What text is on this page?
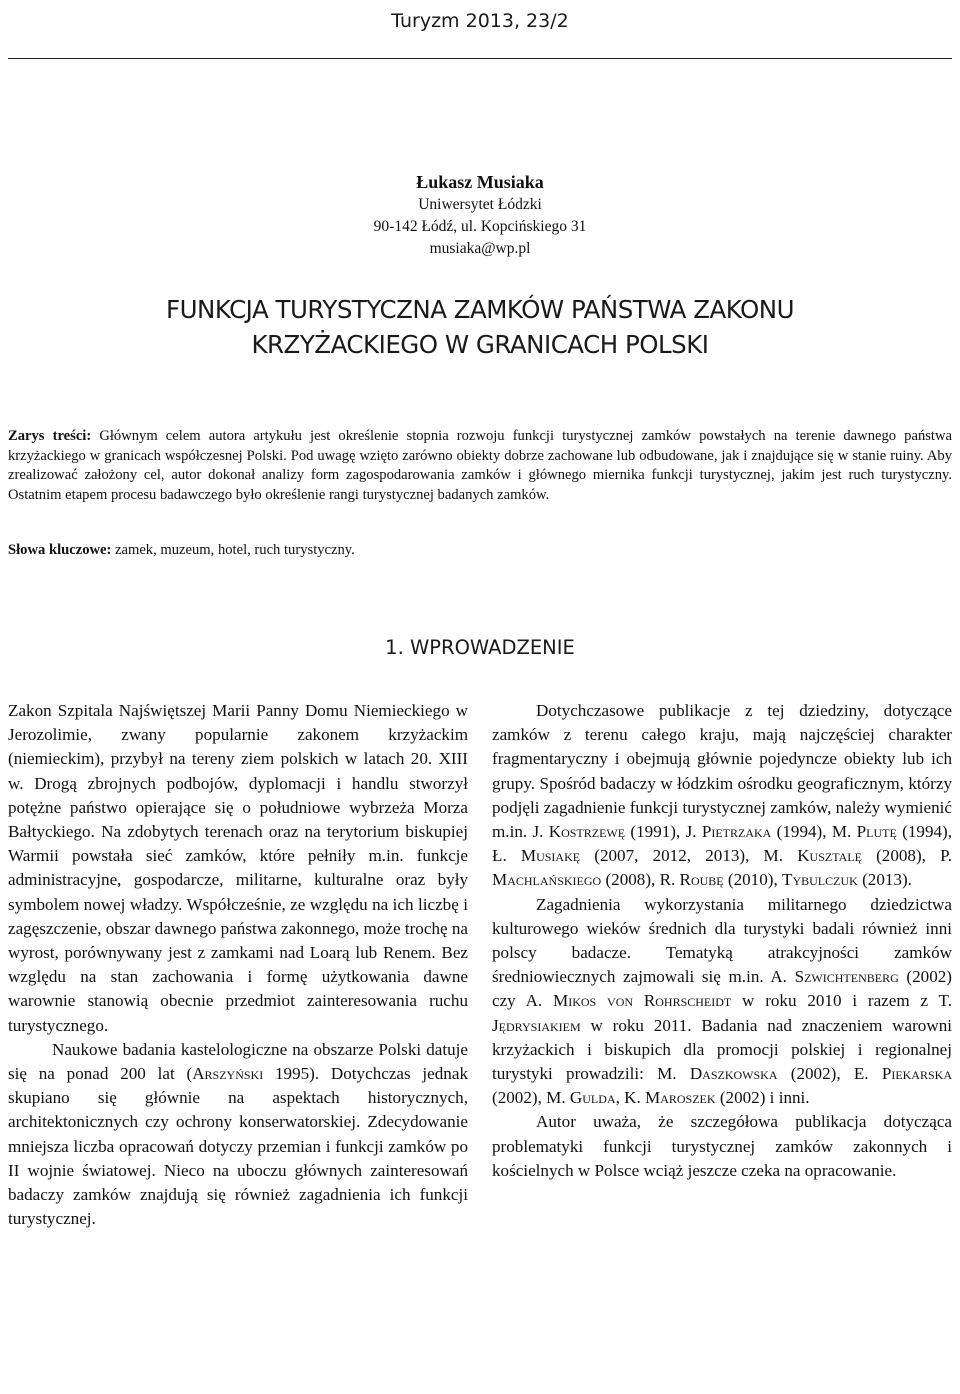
Turyzm 2013, 23/2
Łukasz Musiaka
Uniwersytet Łódzki
90-142 Łódź, ul. Kopcińskiego 31
musiaka@wp.pl
FUNKCJA TURYSTYCZNA ZAMKÓW PAŃSTWA ZAKONU
KRZYŻACKIEGO W GRANICACH POLSKI
Zarys treści: Głównym celem autora artykułu jest określenie stopnia rozwoju funkcji turystycznej zamków powstałych na terenie dawnego państwa krzyżackiego w granicach współczesnej Polski. Pod uwagę wzięto zarówno obiekty dobrze zachowane lub odbudowane, jak i znajdujące się w stanie ruiny. Aby zrealizować założony cel, autor dokonał analizy form zagospodarowania zamków i głównego miernika funkcji turystycznej, jakim jest ruch turystyczny. Ostatnim etapem procesu badawczego było określenie rangi turystycznej badanych zamków.
Słowa kluczowe: zamek, muzeum, hotel, ruch turystyczny.
1. WPROWADZENIE

Zakon Szpitala Najświętszej Marii Panny Domu Niemieckiego w Jerozolimie, zwany popularnie zakonem krzyżackim (niemieckim), przybył na tereny ziem polskich w latach 20. XIII w. Drogą zbrojnych podbojów, dyplomacji i handlu stworzył potężne państwo opierające się o południowe wybrzeża Morza Bałtyckiego. Na zdobytych terenach oraz na terytorium biskupiej Warmii powstała sieć zamków, które pełniły m.in. funkcje administracyjne, gospodarcze, militarne, kulturalne oraz były symbolem nowej władzy. Współcześnie, ze względu na ich liczbę i zagęszczenie, obszar dawnego państwa zakonnego, może trochę na wyrost, porównywany jest z zamkami nad Loarą lub Renem. Bez względu na stan zachowania i formę użytkowania dawne warownie stanowią obecnie przedmiot zainteresowania ruchu turystycznego.

Naukowe badania kastelologiczne na obszarze Polski datuje się na ponad 200 lat (Arszyński 1995). Dotychczas jednak skupiano się głównie na aspektach historycznych, architektonicznych czy ochrony konserwatorskiej. Zdecydowanie mniejsza liczba opracowań dotyczy przemian i funkcji zamków po II wojnie światowej. Nieco na uboczu głównych zainteresowań badaczy zamków znajdują się również zagadnienia ich funkcji turystycznej.

Dotychczasowe publikacje z tej dziedziny, dotyczące zamków z terenu całego kraju, mają najczęściej charakter fragmentaryczny i obejmują głównie pojedyncze obiekty lub ich grupy. Spośród badaczy w łódzkim ośrodku geograficznym, którzy podjęli zagadnienie funkcji turystycznej zamków, należy wymienić m.in. J. Kostrzewę (1991), J. Pietrzaka (1994), M. Plutę (1994), Ł. Musiakę (2007, 2012, 2013), M. Kusztalę (2008), P. Machlańskiego (2008), R. Roubę (2010), Tybulczuk (2013).

Zagadnienia wykorzystania militarnego dziedzictwa kulturowego wieków średnich dla turystyki badali również inni polscy badacze. Tematyką atrakcyjności zamków średniowiecznych zajmowali się m.in. A. Szwichtenberg (2002) czy A. Mikos von Rohrscheidt w roku 2010 i razem z T. Jędrysiakiem w roku 2011. Badania nad znaczeniem warowni krzyżackich i biskupich dla promocji polskiej i regionalnej turystyki prowadzili: M. Daszkowska (2002), E. Piekarska (2002), M. Gulda, K. Maroszek (2002) i inni.

Autor uważa, że szczegółowa publikacja dotycząca problematyki funkcji turystycznej zamków zakonnych i kościelnych w Polsce wciąż jeszcze czeka na opracowanie.
